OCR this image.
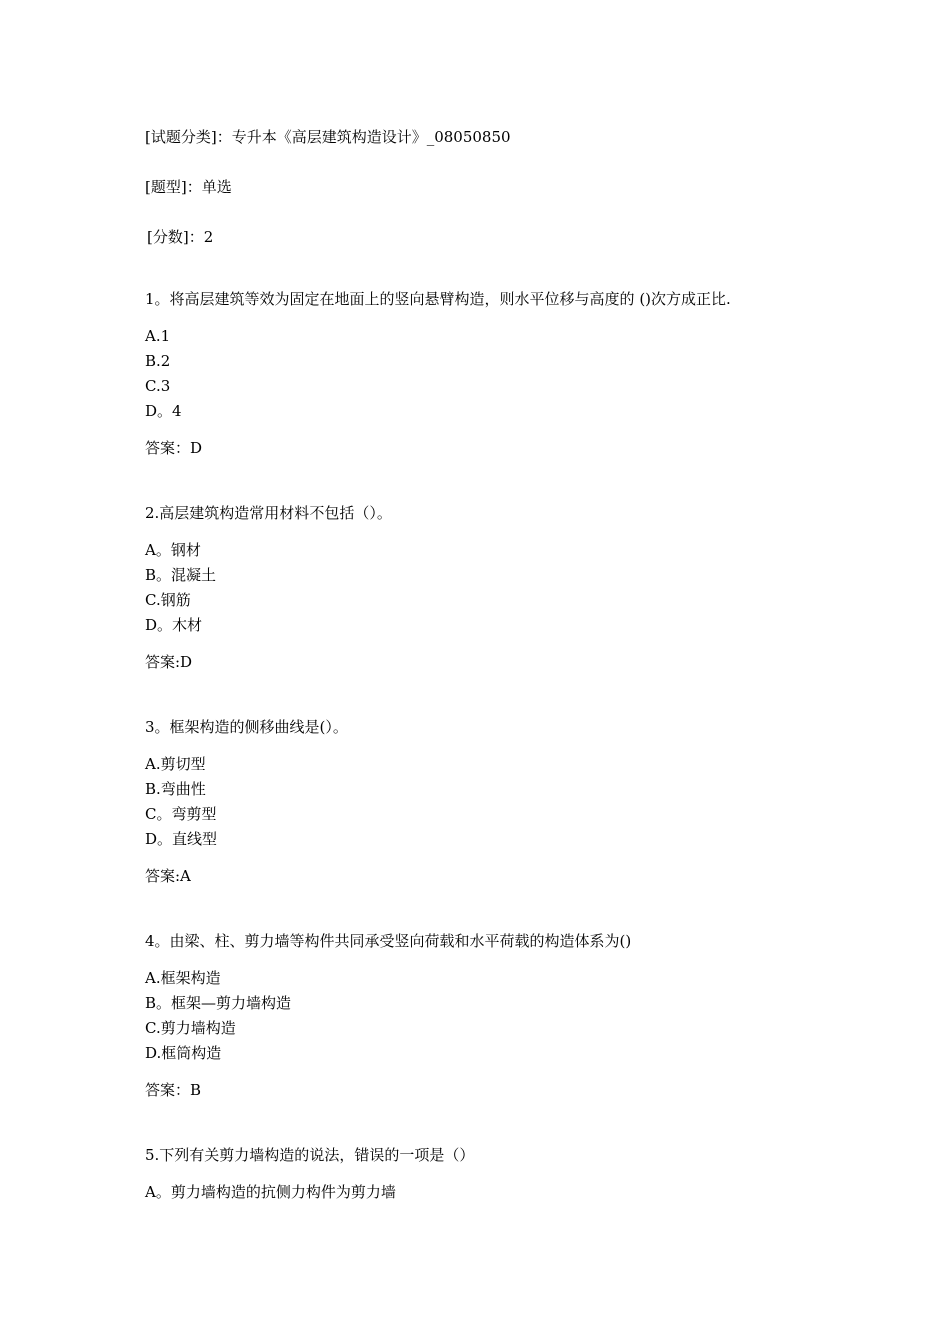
[试题分类]：专升本《高层建筑构造设计》_08050850
[题型]：单选
[分数]：2
1。将高层建筑等效为固定在地面上的竖向悬臂构造，则水平位移与高度的 ()次方成正比.
A.1
B.2
C.3
D。4
答案：D
2.高层建筑构造常用材料不包括（）。
A。钢材
B。混凝土
C.钢筋
D。木材
答案:D
3。框架构造的侧移曲线是(）。
A.剪切型
B.弯曲性
C。弯剪型
D。直线型
答案:A
4。由梁、柱、剪力墙等构件共同承受竖向荷载和水平荷载的构造体系为()
A.框架构造
B。框架—剪力墙构造
C.剪力墙构造
D.框筒构造
答案：B
5.下列有关剪力墙构造的说法，错误的一项是（）
A。剪力墙构造的抗侧力构件为剪力墙
